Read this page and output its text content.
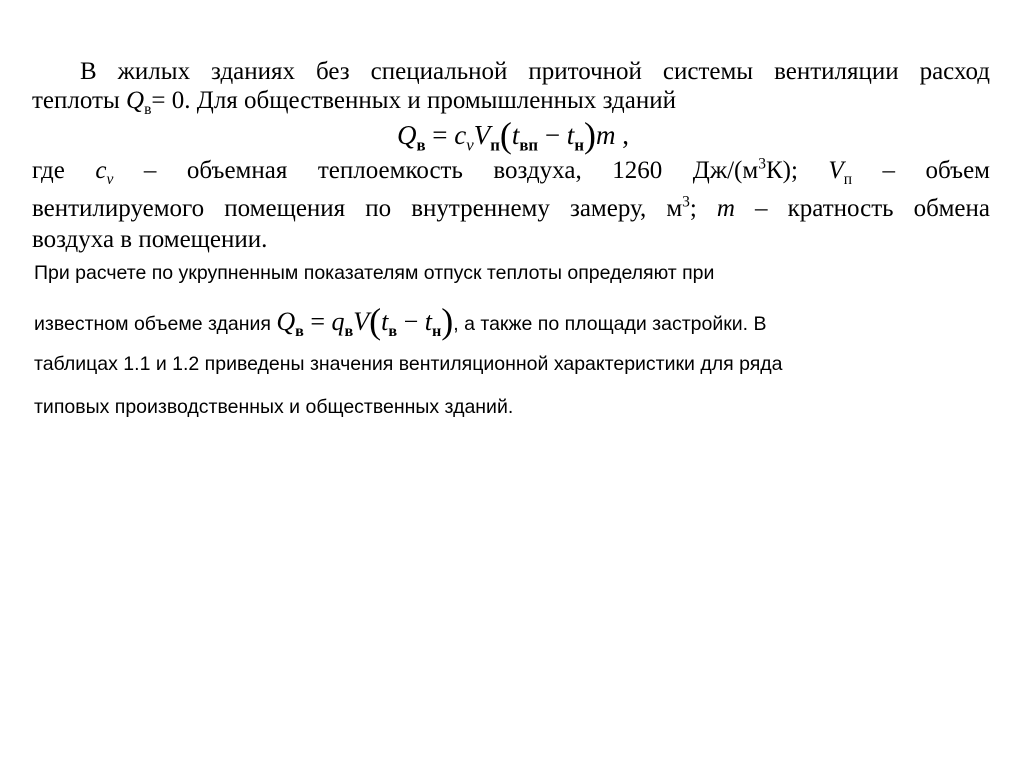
В жилых зданиях без специальной приточной системы вентиляции расход
теплоты $Q_в= 0$. Для общественных и промышленных зданий
$Q_в = c_vV_п(t_{вп} - t_н)m$ ,
где $c_v$ – объемная теплоемкость воздуха, 1260 $Дж/(м^3К)$; $V_п$ – объем
вентилируемого помещения по внутреннему замеру, $м^3$; m – кратность обмена
воздуха в помещении.
При расчете по укрупненным показателям отпуск теплоты определяют при
известном объеме здания $Q_в = q_вV(t_в - t_н)$, а также по площади застройки. В
таблицах 1.1 и 1.2 приведены значения вентиляционной характеристики для ряда
типовых производственных и общественных зданий.
